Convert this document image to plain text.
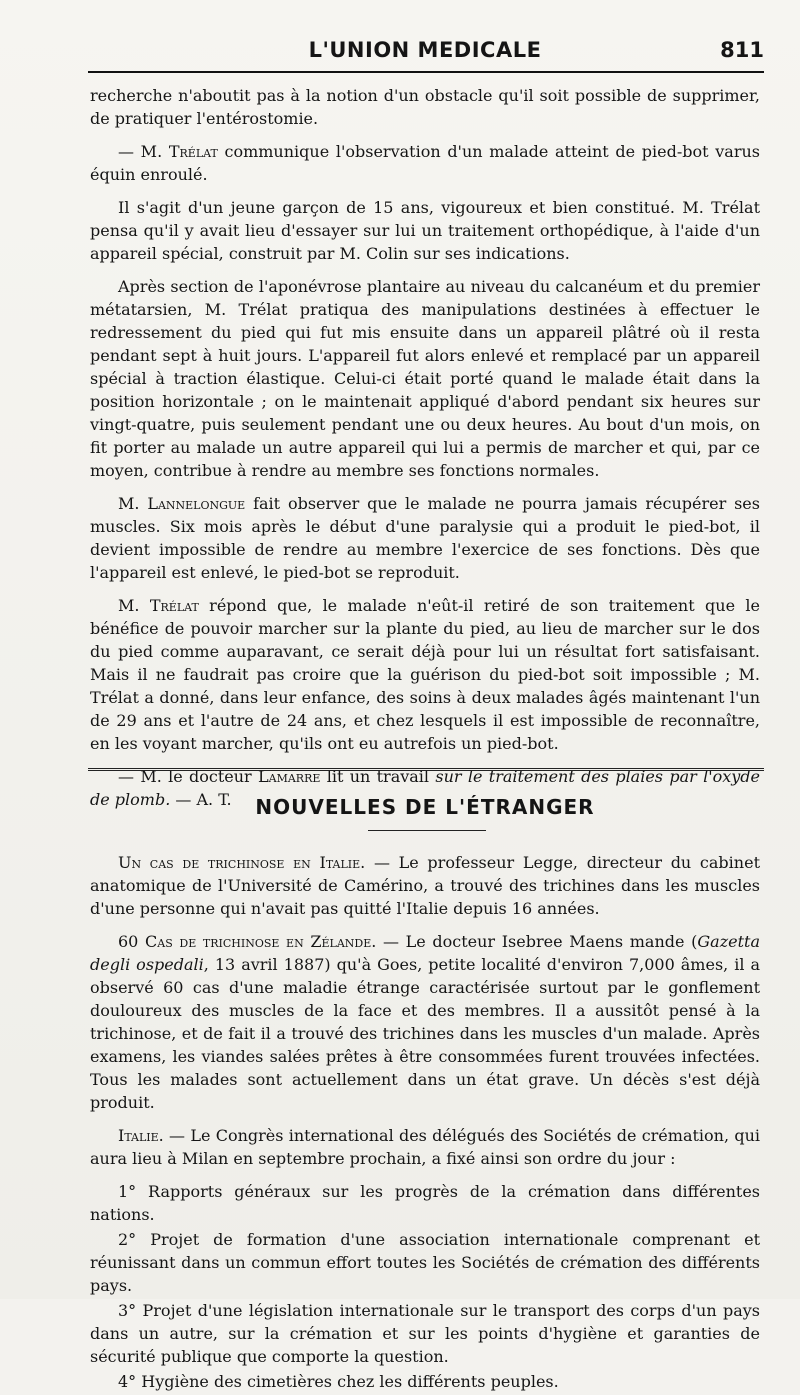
L'UNION MEDICALE	811

recherche n'aboutit pas à la notion d'un obstacle qu'il soit possible de supprimer, de pratiquer l'entérostomie.

— M. Trélat communique l'observation d'un malade atteint de pied-bot varus équin enroulé.

Il s'agit d'un jeune garçon de 15 ans, vigoureux et bien constitué. M. Trélat pensa qu'il y avait lieu d'essayer sur lui un traitement orthopédique, à l'aide d'un appareil spécial, construit par M. Colin sur ses indications.

Après section de l'aponévrose plantaire au niveau du calcanéum et du premier métatarsien, M. Trélat pratiqua des manipulations destinées à effectuer le redressement du pied qui fut mis ensuite dans un appareil plâtré où il resta pendant sept à huit jours. L'appareil fut alors enlevé et remplacé par un appareil spécial à traction élastique. Celui-ci était porté quand le malade était dans la position horizontale ; on le maintenait appliqué d'abord pendant six heures sur vingt-quatre, puis seulement pendant une ou deux heures. Au bout d'un mois, on fit porter au malade un autre appareil qui lui a permis de marcher et qui, par ce moyen, contribue à rendre au membre ses fonctions normales.

M. Lannelongue fait observer que le malade ne pourra jamais récupérer ses muscles. Six mois après le début d'une paralysie qui a produit le pied-bot, il devient impossible de rendre au membre l'exercice de ses fonctions. Dès que l'appareil est enlevé, le pied-bot se reproduit.

M. Trélat répond que, le malade n'eût-il retiré de son traitement que le bénéfice de pouvoir marcher sur la plante du pied, au lieu de marcher sur le dos du pied comme auparavant, ce serait déjà pour lui un résultat fort satisfaisant. Mais il ne faudrait pas croire que la guérison du pied-bot soit impossible ; M. Trélat a donné, dans leur enfance, des soins à deux malades âgés maintenant l'un de 29 ans et l'autre de 24 ans, et chez lesquels il est impossible de reconnaître, en les voyant marcher, qu'ils ont eu autrefois un pied-bot.

— M. le docteur Lamarre lit un travail sur le traitement des plaies par l'oxyde de plomb. — A. T.	NOUVELLES DE L'ÉTRANGER

Un cas de trichinose en Italie. — Le professeur Legge, directeur du cabinet anatomique de l'Université de Camérino, a trouvé des trichines dans les muscles d'une personne qui n'avait pas quitté l'Italie depuis 16 années.

60 Cas de trichinose en Zélande. — Le docteur Isebree Maens mande (Gazetta degli ospedali, 13 avril 1887) qu'à Goes, petite localité d'environ 7,000 âmes, il a observé 60 cas d'une maladie étrange caractérisée surtout par le gonflement douloureux des muscles de la face et des membres. Il a aussitôt pensé à la trichinose, et de fait il a trouvé des trichines dans les muscles d'un malade. Après examens, les viandes salées prêtes à être consommées furent trouvées infectées. Tous les malades sont actuellement dans un état grave. Un décès s'est déjà produit.

Italie. — Le Congrès international des délégués des Sociétés de crémation, qui aura lieu à Milan en septembre prochain, a fixé ainsi son ordre du jour :

1° Rapports généraux sur les progrès de la crémation dans différentes nations.
2° Projet de formation d'une association internationale comprenant et réunissant dans un commun effort toutes les Sociétés de crémation des différents pays.
3° Projet d'une législation internationale sur le transport des corps d'un pays dans un autre, sur la crémation et sur les points d'hygiène et garanties de sécurité publique que comporte la question.
4° Hygiène des cimetières chez les différents peuples.
